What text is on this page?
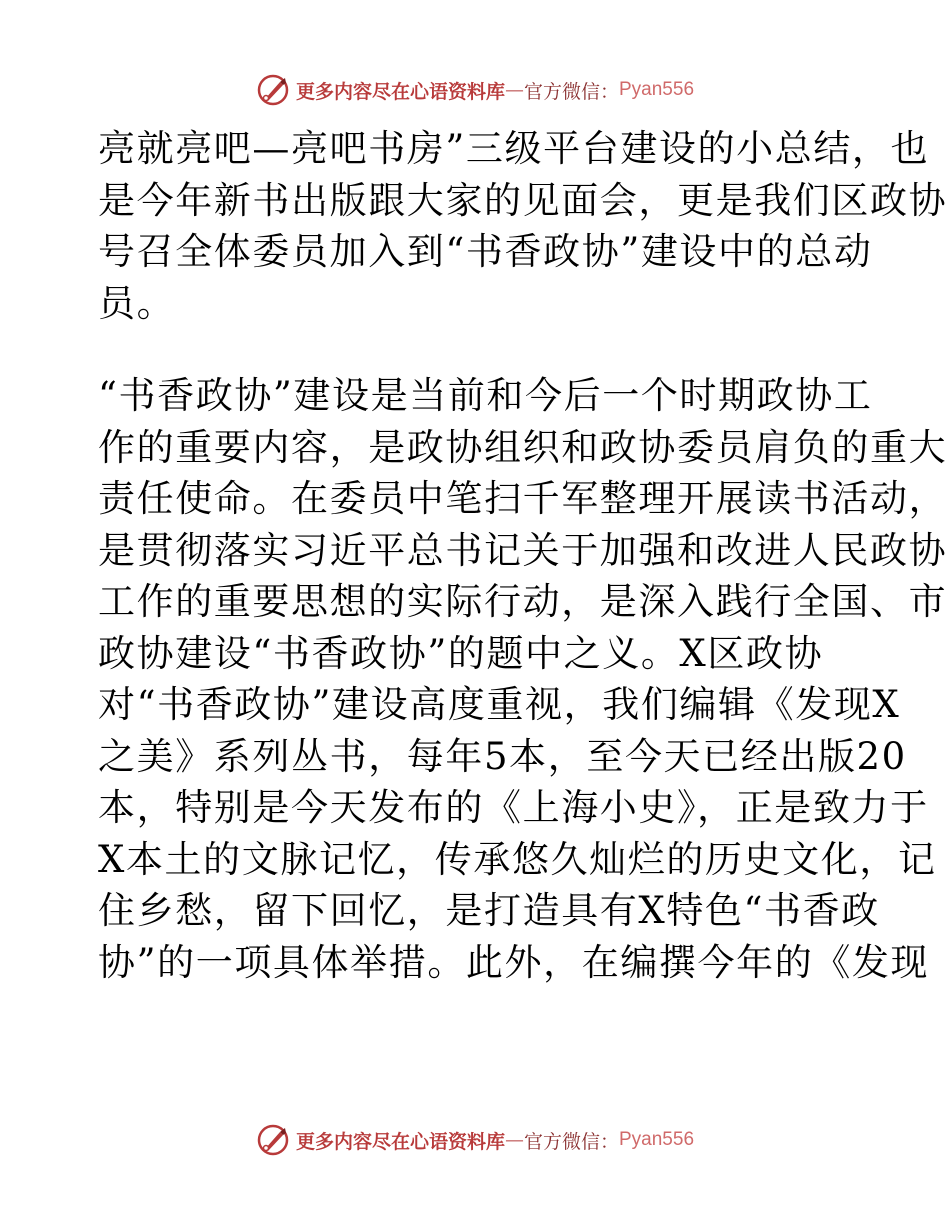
更多内容尽在心语资料库 — 官方微信： Pyan556
亮就亮吧—亮吧书房”三级平台建设的小总结，也
是今年新书出版跟大家的见面会，更是我们区政协
号召全体委员加入到“书香政协”建设中的总动
员。
“书香政协”建设是当前和今后一个时期政协工
作的重要内容，是政协组织和政协委员肩负的重大
责任使命。在委员中笔扫千军整理开展读书活动，
是贯彻落实习近平总书记关于加强和改进人民政协
工作的重要思想的实际行动，是深入践行全国、市
政协建设“书香政协”的题中之义。X区政协
对“书香政协”建设高度重视，我们编辑《发现X
之美》系列丛书，每年5本，至今天已经出版20
本，特别是今天发布的《上海小史》，正是致力于
X本土的文脉记忆，传承悠久灿烂的历史文化，记
住乡愁，留下回忆，是打造具有X特色“书香政
协”的一项具体举措。此外，在编撰今年的《发现
更多内容尽在心语资料库 — 官方微信： Pyan556
